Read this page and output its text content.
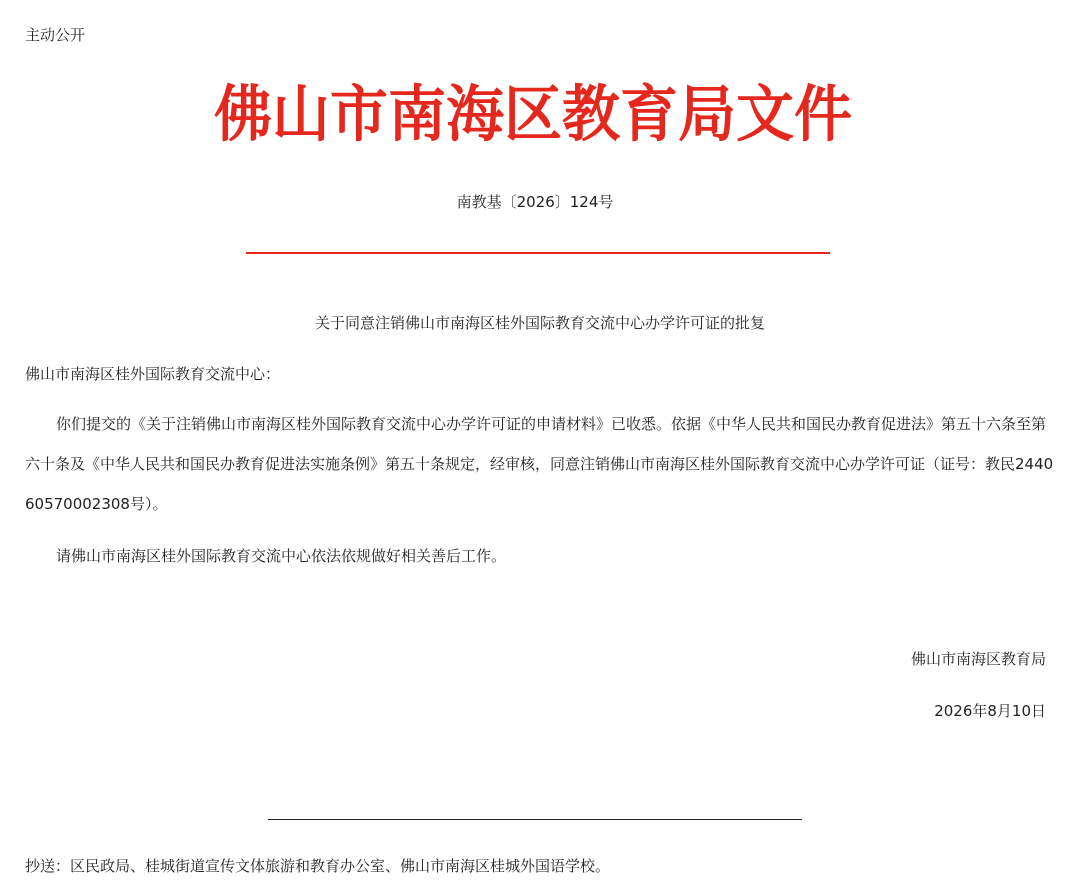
主动公开
佛山市南海区教育局文件
南教基〔2026〕124号
关于同意注销佛山市南海区桂外国际教育交流中心办学许可证的批复
佛山市南海区桂外国际教育交流中心：
你们提交的《关于注销佛山市南海区桂外国际教育交流中心办学许可证的申请材料》已收悉。依据《中华人民共和国民办教育促进法》第五十六条至第六十条及《中华人民共和国民办教育促进法实施条例》第五十条规定，经审核，同意注销佛山市南海区桂外国际教育交流中心办学许可证（证号：教民244060570002308号）。
请佛山市南海区桂外国际教育交流中心依法依规做好相关善后工作。
佛山市南海区教育局
2026年8月10日
抄送：区民政局、桂城街道宣传文体旅游和教育办公室、佛山市南海区桂城外国语学校。
